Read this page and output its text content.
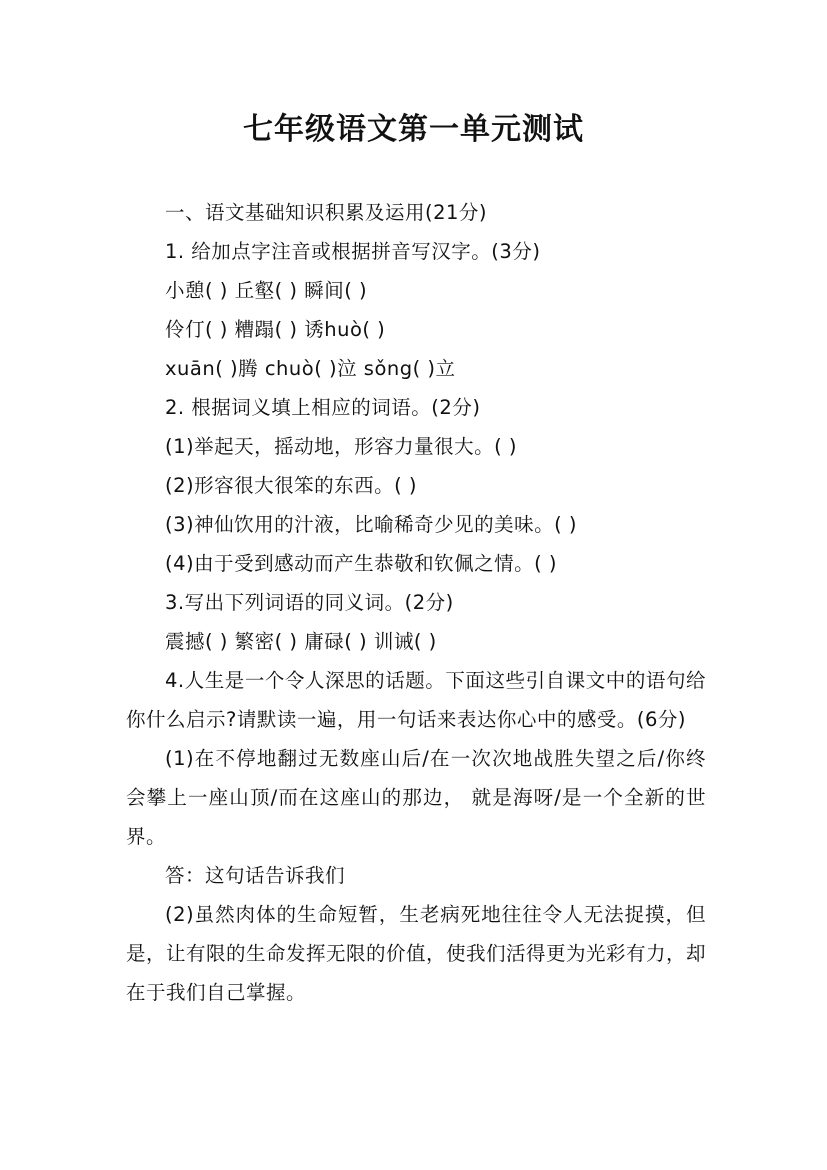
七年级语文第一单元测试

一、语文基础知识积累及运用(21分)

1. 给加点字注音或根据拼音写汉字。(3分)

小憩( ) 丘壑( ) 瞬间( )

伶仃( ) 糟蹋( ) 诱huò( )

xuān( )腾 chuò( )泣 sǒng( )立

2. 根据词义填上相应的词语。(2分)

(1)举起天，摇动地，形容力量很大。( )

(2)形容很大很笨的东西。( )

(3)神仙饮用的汁液，比喻稀奇少见的美味。( )

(4)由于受到感动而产生恭敬和钦佩之情。( )

3.写出下列词语的同义词。(2分)

震撼( ) 繁密( ) 庸碌( ) 训诫( )

4.人生是一个令人深思的话题。下面这些引自课文中的语句给你什么启示?请默读一遍，用一句话来表达你心中的感受。(6分)

(1)在不停地翻过无数座山后/在一次次地战胜失望之后/你终会攀上一座山顶/而在这座山的那边， 就是海呀/是一个全新的世界。

答：这句话告诉我们

(2)虽然肉体的生命短暂，生老病死地往往令人无法捉摸，但是，让有限的生命发挥无限的价值，使我们活得更为光彩有力，却在于我们自己掌握。
